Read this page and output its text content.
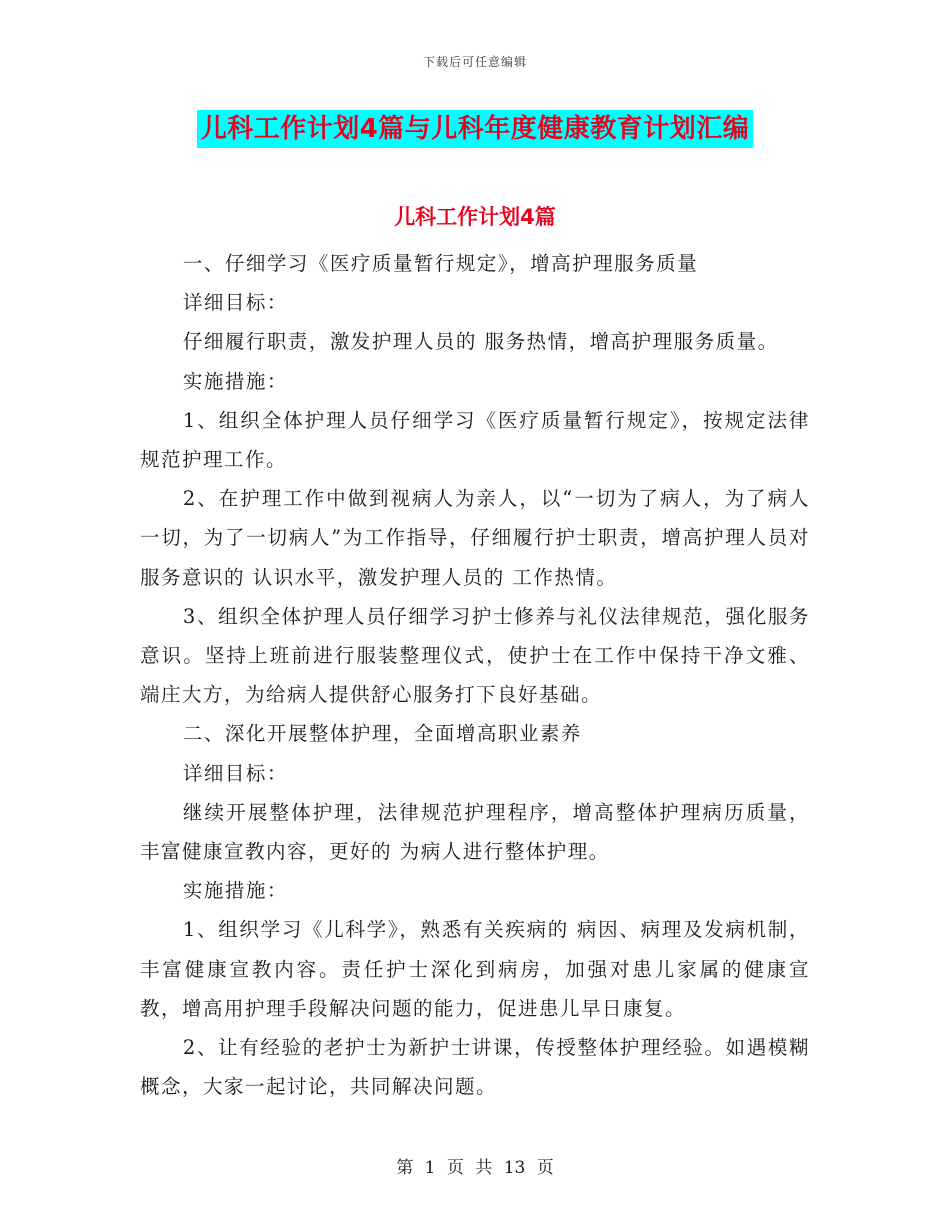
下载后可任意编辑
儿科工作计划4篇与儿科年度健康教育计划汇编
儿科工作计划4篇

一、仔细学习《医疗质量暂行规定》，增高护理服务质量

详细目标：

仔细履行职责，激发护理人员的 服务热情，增高护理服务质量。

实施措施：

1、组织全体护理人员仔细学习《医疗质量暂行规定》，按规定法律规范护理工作。

2、在护理工作中做到视病人为亲人，以“一切为了病人，为了病人一切，为了一切病人”为工作指导，仔细履行护士职责，增高护理人员对服务意识的 认识水平，激发护理人员的 工作热情。

3、组织全体护理人员仔细学习护士修养与礼仪法律规范，强化服务意识。坚持上班前进行服装整理仪式，使护士在工作中保持干净文雅、端庄大方，为给病人提供舒心服务打下良好基础。

二、深化开展整体护理，全面增高职业素养

详细目标：

继续开展整体护理，法律规范护理程序，增高整体护理病历质量，丰富健康宣教内容，更好的 为病人进行整体护理。

实施措施：

1、组织学习《儿科学》，熟悉有关疾病的 病因、病理及发病机制，丰富健康宣教内容。责任护士深化到病房，加强对患儿家属的健康宣教，增高用护理手段解决问题的能力，促进患儿早日康复。

2、让有经验的老护士为新护士讲课，传授整体护理经验。如遇模糊概念，大家一起讨论，共同解决问题。

第 1 页 共 13 页
